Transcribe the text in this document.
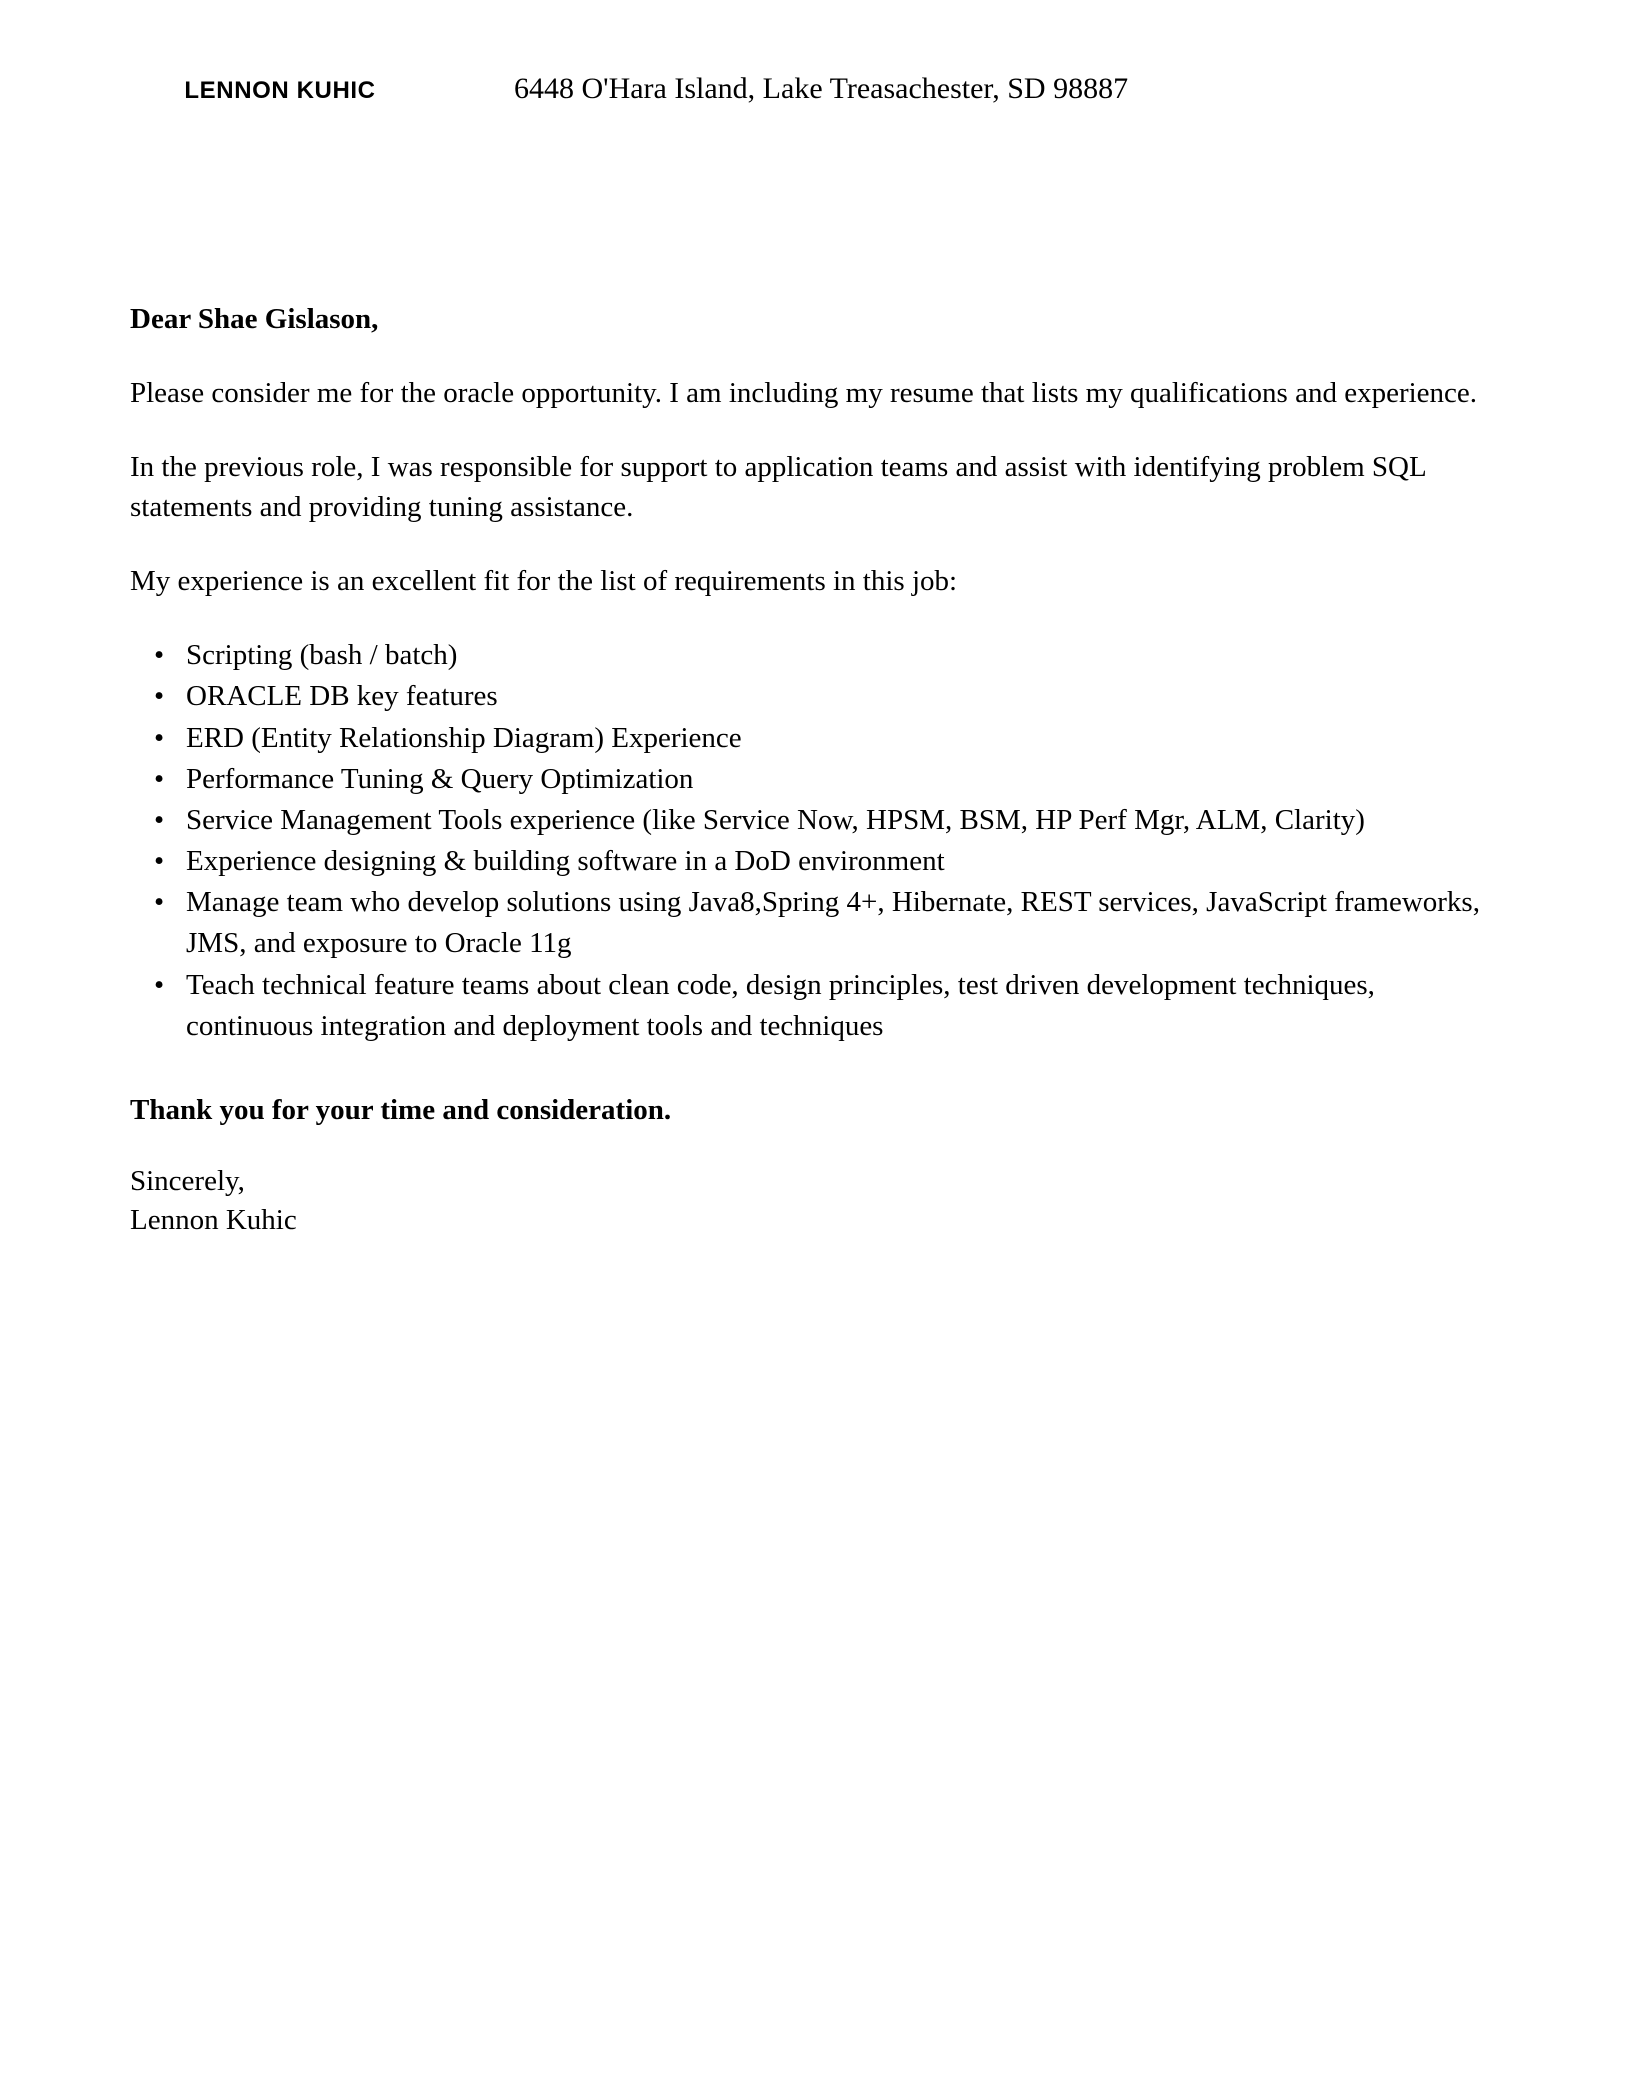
LENNON KUHIC	6448 O'Hara Island, Lake Treasachester, SD 98887

Dear Shae Gislason,

Please consider me for the oracle opportunity. I am including my resume that lists my qualifications and experience.

In the previous role, I was responsible for support to application teams and assist with identifying problem SQL statements and providing tuning assistance.

My experience is an excellent fit for the list of requirements in this job:

• Scripting (bash / batch)
• ORACLE DB key features
• ERD (Entity Relationship Diagram) Experience
• Performance Tuning & Query Optimization
• Service Management Tools experience (like Service Now, HPSM, BSM, HP Perf Mgr, ALM, Clarity)
• Experience designing & building software in a DoD environment
• Manage team who develop solutions using Java8,Spring 4+, Hibernate, REST services, JavaScript frameworks, JMS, and exposure to Oracle 11g
• Teach technical feature teams about clean code, design principles, test driven development techniques, continuous integration and deployment tools and techniques

Thank you for your time and consideration.

Sincerely,
Lennon Kuhic
